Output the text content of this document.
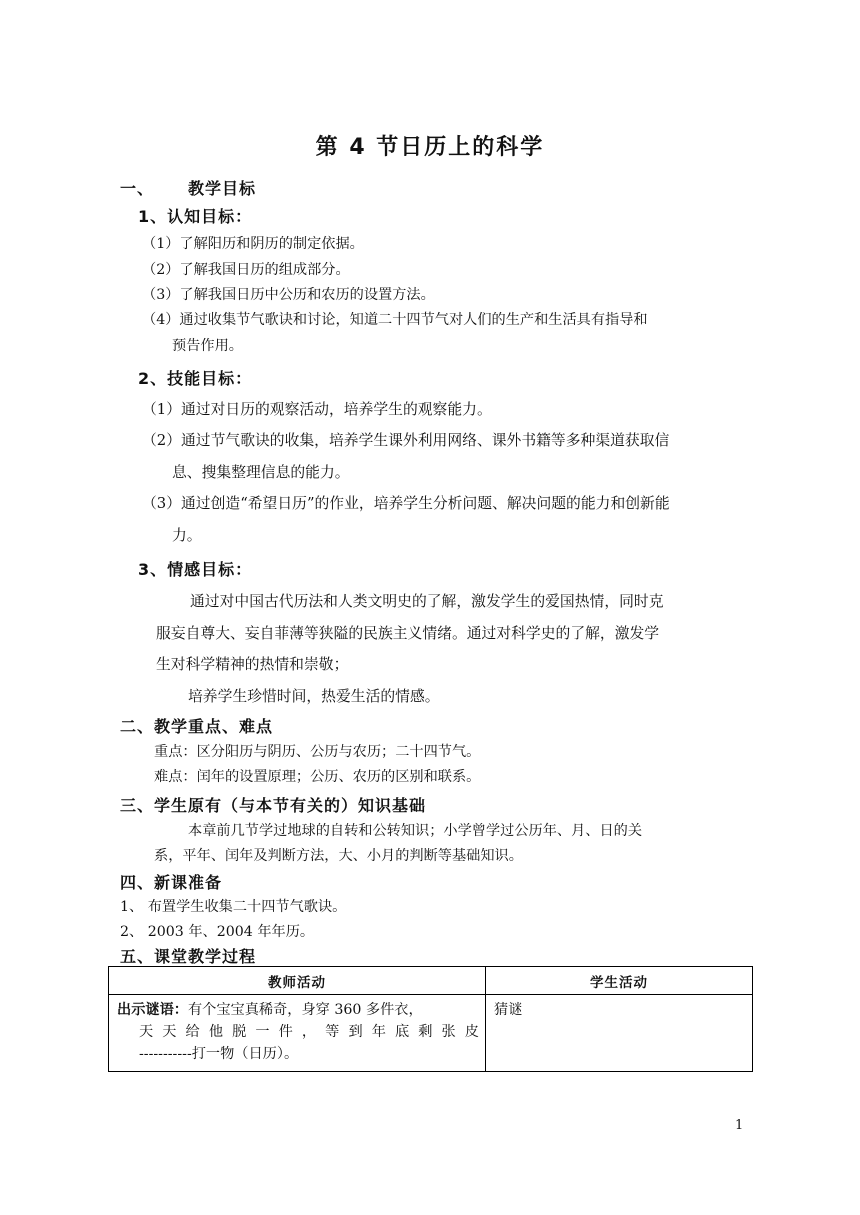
第 4 节日历上的科学
一、 教学目标
1、认知目标：
（1）了解阳历和阴历的制定依据。
（2）了解我国日历的组成部分。
（3）了解我国日历中公历和农历的设置方法。
（4）通过收集节气歌诀和讨论，知道二十四节气对人们的生产和生活具有指导和
预告作用。
2、技能目标：
（1）通过对日历的观察活动，培养学生的观察能力。
（2）通过节气歌诀的收集，培养学生课外利用网络、课外书籍等多种渠道获取信
息、搜集整理信息的能力。
（3）通过创造“希望日历”的作业，培养学生分析问题、解决问题的能力和创新能
力。
3、情感目标：
通过对中国古代历法和人类文明史的了解，激发学生的爱国热情，同时克
服妄自尊大、妄自菲薄等狭隘的民族主义情绪。通过对科学史的了解，激发学
生对科学精神的热情和崇敬；
培养学生珍惜时间，热爱生活的情感。
二、教学重点、难点
重点：区分阳历与阴历、公历与农历；二十四节气。
难点：闰年的设置原理；公历、农历的区别和联系。
三、学生原有（与本节有关的）知识基础
本章前几节学过地球的自转和公转知识；小学曾学过公历年、月、日的关
系，平年、闰年及判断方法，大、小月的判断等基础知识。
四、新课准备
1、 布置学生收集二十四节气歌诀。
2、 2003 年、2004 年年历。
五、课堂教学过程
教师活动	学生活动
出示谜语：有个宝宝真稀奇，身穿 360 多件衣，
天天给他脱一件，等到年底剩张皮
-----------打一物（日历）。	猜谜
1
